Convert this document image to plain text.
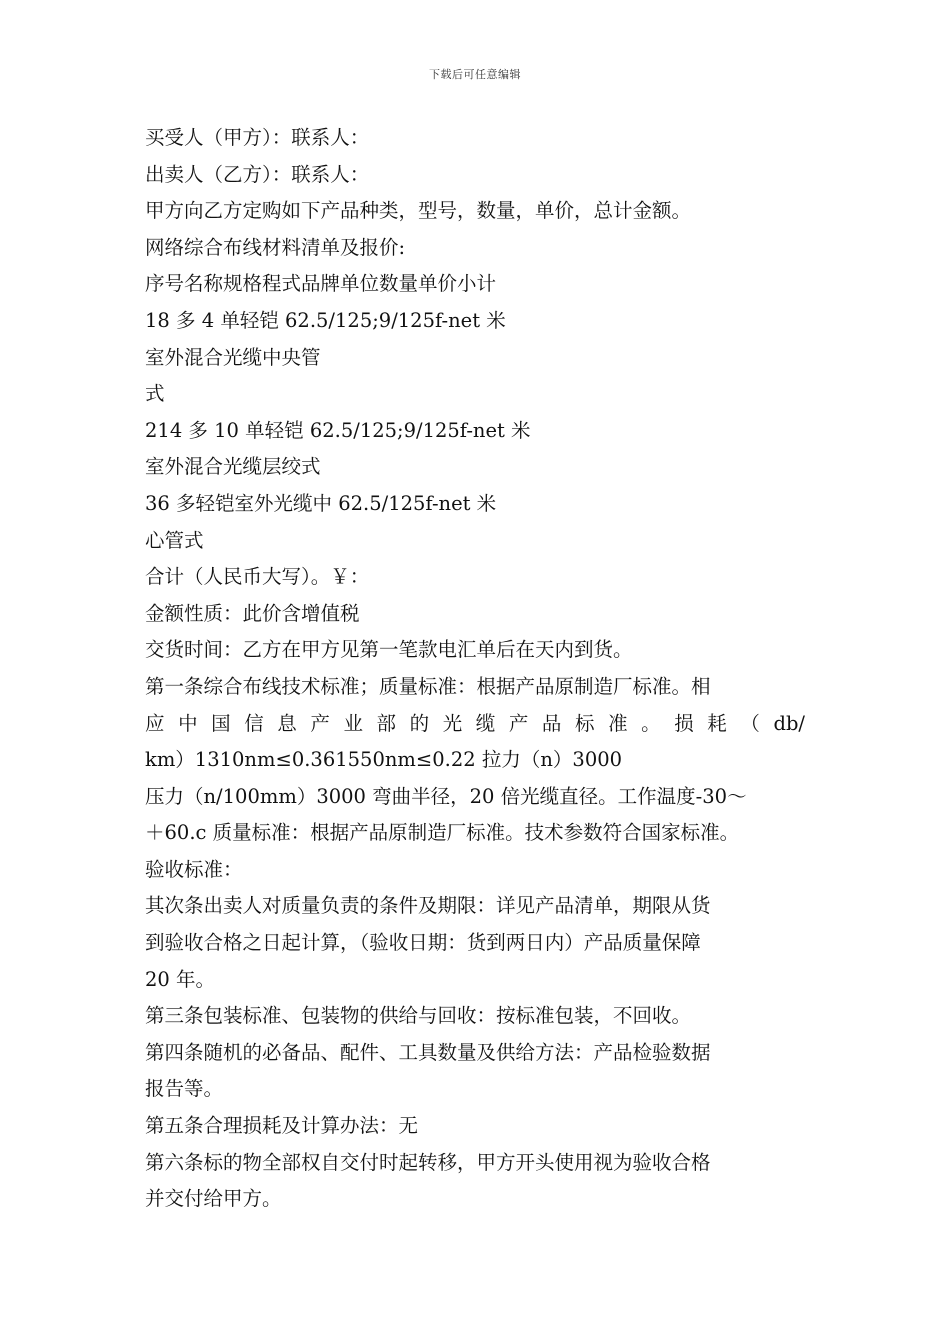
下载后可任意编辑
买受人（甲方）：联系人：
出卖人（乙方）：联系人：
甲方向乙方定购如下产品种类，型号，数量，单价，总计金额。
网络综合布线材料清单及报价:
序号名称规格程式品牌单位数量单价小计
18 多 4 单轻铠 62.5/125;9/125f-net 米
室外混合光缆中央管
式
214 多 10 单轻铠 62.5/125;9/125f-net 米
室外混合光缆层绞式
36 多轻铠室外光缆中 62.5/125f-net 米
心管式
合计（人民币大写）。￥：
金额性质：此价含增值税
交货时间：乙方在甲方见第一笔款电汇单后在天内到货。
第一条综合布线技术标准；质量标准：根据产品原制造厂标准。相
应 中 国 信 息 产 业 部 的 光 缆 产 品 标 准 。 损 耗 （ db/
km）1310nm≤0.361550nm≤0.22 拉力（n）3000
压力（n/100mm）3000 弯曲半径，20 倍光缆直径。工作温度-30～
＋60.c 质量标准：根据产品原制造厂标准。技术参数符合国家标准。
验收标准：
其次条出卖人对质量负责的条件及期限：详见产品清单，期限从货
到验收合格之日起计算，（验收日期：货到两日内）产品质量保障
20 年。
第三条包装标准、包装物的供给与回收：按标准包装，不回收。
第四条随机的必备品、配件、工具数量及供给方法：产品检验数据
报告等。
第五条合理损耗及计算办法：无
第六条标的物全部权自交付时起转移，甲方开头使用视为验收合格
并交付给甲方。
